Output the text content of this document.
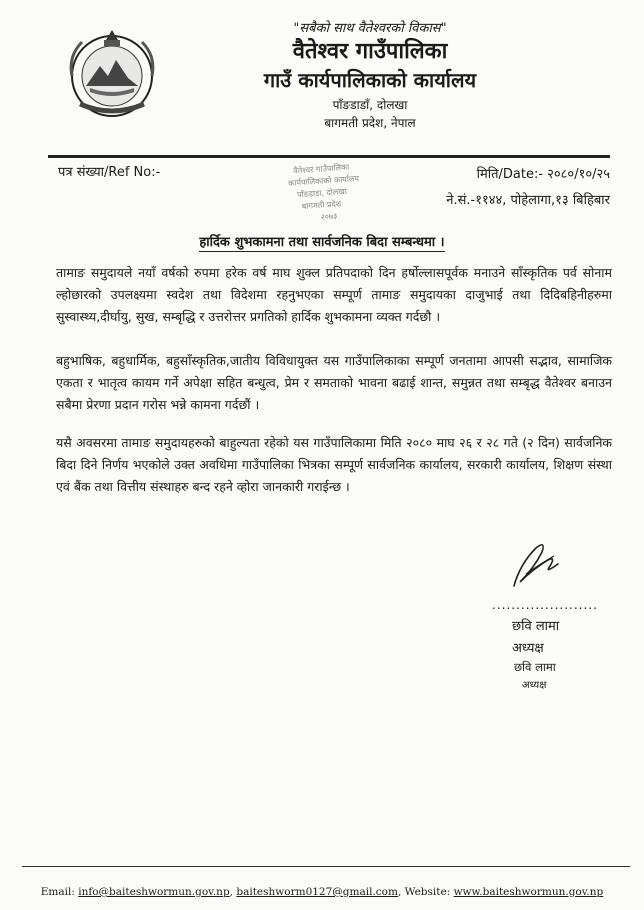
"सबैको साथ वैतेश्वरको विकास"

वैतेश्वर गाउँपालिका

गाउँ कार्यपालिकाको कार्यालय

पाँङडाडाँ, दोलखा

बागमती प्रदेश, नेपाल

पत्र संख्या/Ref No:-	वैतेश्वर गाउँपालिका
कार्यपालिकाको कार्यालय
पाँङडाडा, दोलखा
बागमती प्रदेश
२०७३
मिति/Date:- २०८०/१०/२५
ने.सं.-११४४, पोहेलागा,१३ बिहिबार
हार्दिक शुभकामना तथा सार्वजनिक बिदा सम्बन्धमा ।

तामाङ समुदायले नयाँ वर्षको रुपमा हरेक वर्ष माघ शुक्ल प्रतिपदाको दिन हर्षोल्लासपूर्वक मनाउने साँस्कृतिक पर्व सोनाम ल्होछारको उपलक्ष्यमा स्वदेश तथा विदेशमा रहनुभएका सम्पूर्ण तामाङ समुदायका दाजुभाई तथा दिदिबहिनीहरुमा सुस्वास्थ्य,दीर्घायु, सुख, सम्बृद्धि र उत्तरोत्तर प्रगतिको हार्दिक शुभकामना व्यक्त गर्दछौ ।

बहुभाषिक, बहुधार्मिक, बहुसाँस्कृतिक,जातीय विविधायुक्त यस गाउँपालिकाका सम्पूर्ण जनतामा आपसी सद्भाव, सामाजिक एकता र भातृत्व कायम गर्ने अपेक्षा सहित बन्धुत्व, प्रेम र समताको भावना बढाई शान्त, समुन्नत तथा सम्बृद्ध वैतेश्वर बनाउन सबैमा प्रेरणा प्रदान गरोस भन्ने कामना गर्दछौं ।

यसै अवसरमा तामाङ समुदायहरुको बाहुल्यता रहेको यस गाउँपालिकामा मिति २०८० माघ २६ र २८ गते (२ दिन) सार्वजनिक बिदा दिने निर्णय भएकोले उक्त अवधिमा गाउँपालिका भित्रका सम्पूर्ण सार्वजनिक कार्यालय, सरकारी कार्यालय, शिक्षण संस्था एवं बैंक तथा वित्तीय संस्थाहरु बन्द रहने व्होरा जानकारी गराईन्छ ।

......................
छवि लामा
अध्यक्ष
छवि लामा
अध्यक्ष
Email: info@baiteshwormun.gov.np, baiteshworm0127@gmail.com, Website: www.baiteshwormun.gov.np
